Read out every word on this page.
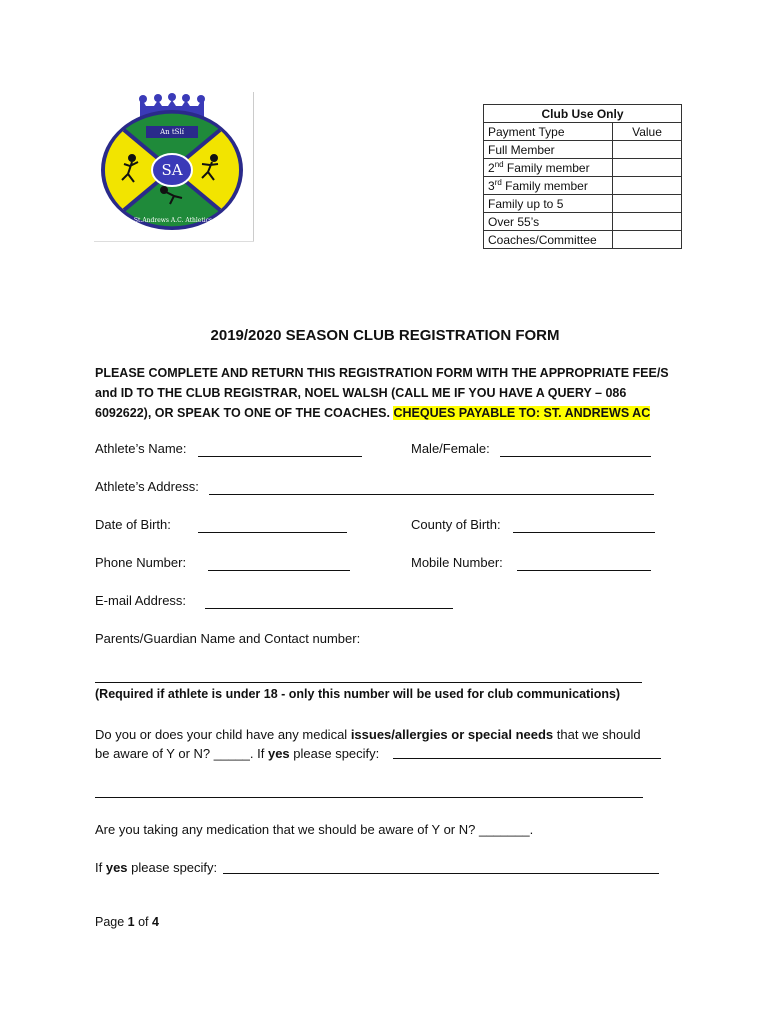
An tSlí
SA
St.Andrews A.C. Athletics
Club Use Only	
Payment Type	Value
Full Member	
2nd Family member	
3rd Family member	
Family up to 5	
Over 55’s	
Coaches/Committee	
2019/2020 SEASON CLUB REGISTRATION FORM
PLEASE COMPLETE AND RETURN THIS REGISTRATION FORM WITH THE APPROPRIATE FEE/S and ID TO THE CLUB REGISTRAR, NOEL WALSH (CALL ME IF YOU HAVE A QUERY – 086 6092622), OR SPEAK TO ONE OF THE COACHES. CHEQUES PAYABLE TO: ST. ANDREWS AC
Athlete’s Name:	Male/Female:
Athlete’s Address:
Date of Birth:	County of Birth:
Phone Number:	Mobile Number:
E-mail Address:
Parents/Guardian Name and Contact number:
(Required if athlete is under 18 - only this number will be used for club communications)
Do you or does your child have any medical issues/allergies or special needs that we should
be aware of Y or N? _____. If yes please specify:
Are you taking any medication that we should be aware of Y or N? _______.
If yes please specify:
Page 1 of 4
